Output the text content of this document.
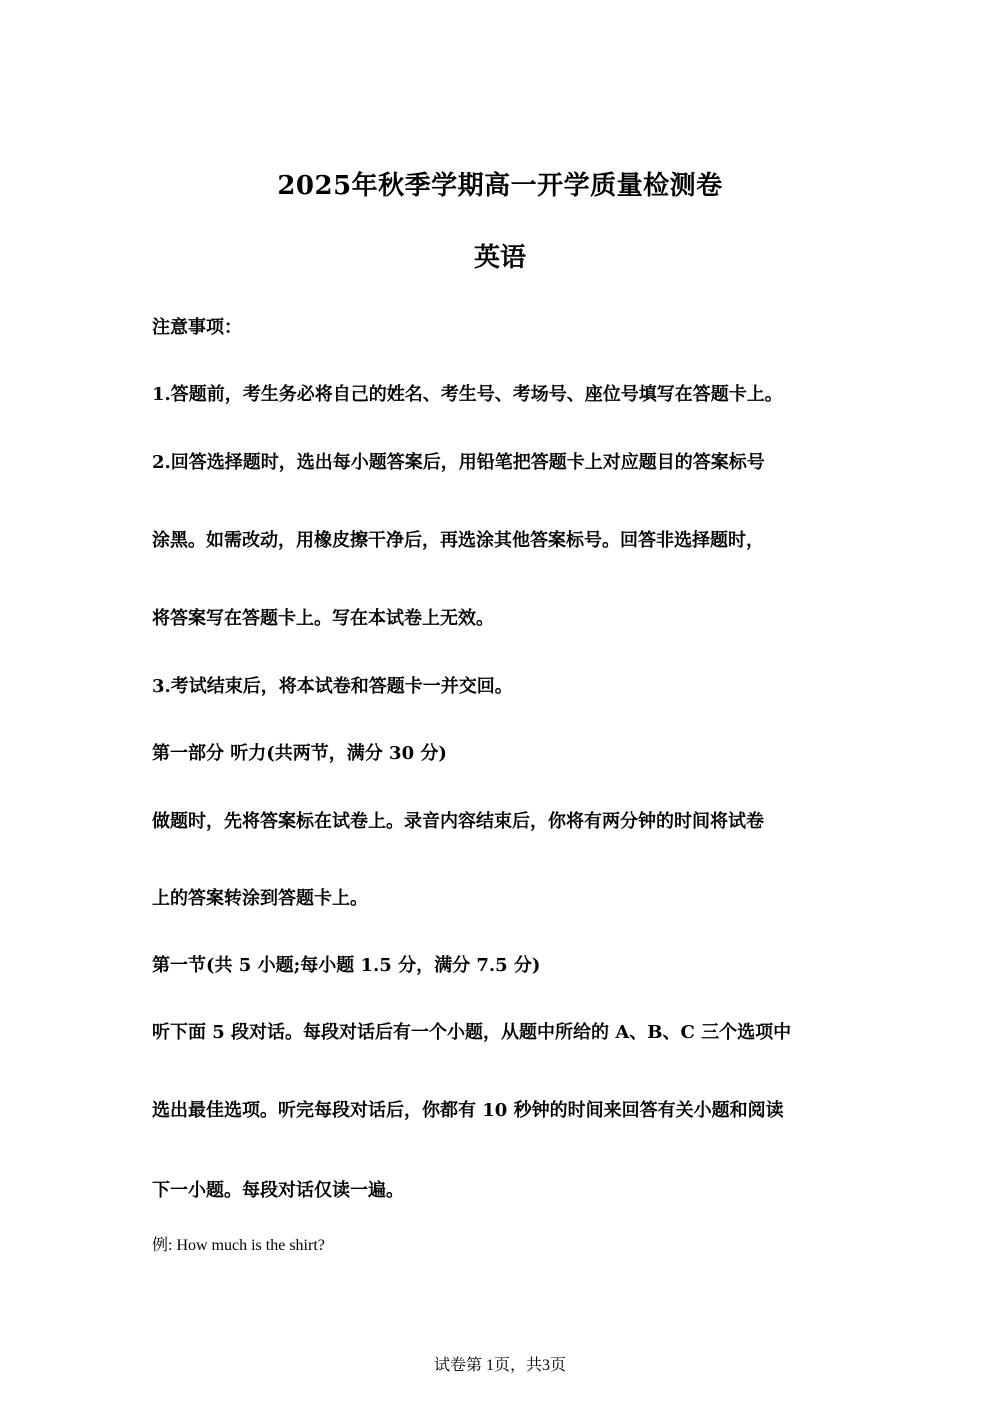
2025年秋季学期高一开学质量检测卷
英语
注意事项：
1.答题前，考生务必将自己的姓名、考生号、考场号、座位号填写在答题卡上。
2.回答选择题时，选出每小题答案后，用铅笔把答题卡上对应题目的答案标号
涂黑。如需改动，用橡皮擦干净后，再选涂其他答案标号。回答非选择题时，
将答案写在答题卡上。写在本试卷上无效。
3.考试结束后，将本试卷和答题卡一并交回。
第一部分 听力(共两节，满分 30 分)
做题时，先将答案标在试卷上。录音内容结束后，你将有两分钟的时间将试卷
上的答案转涂到答题卡上。
第一节(共 5 小题;每小题 1.5 分，满分 7.5 分)
听下面 5 段对话。每段对话后有一个小题，从题中所给的 A、B、C 三个选项中
选出最佳选项。听完每段对话后，你都有 10 秒钟的时间来回答有关小题和阅读
下一小题。每段对话仅读一遍。
例: How much is the shirt?
试卷第 1页，共3页
